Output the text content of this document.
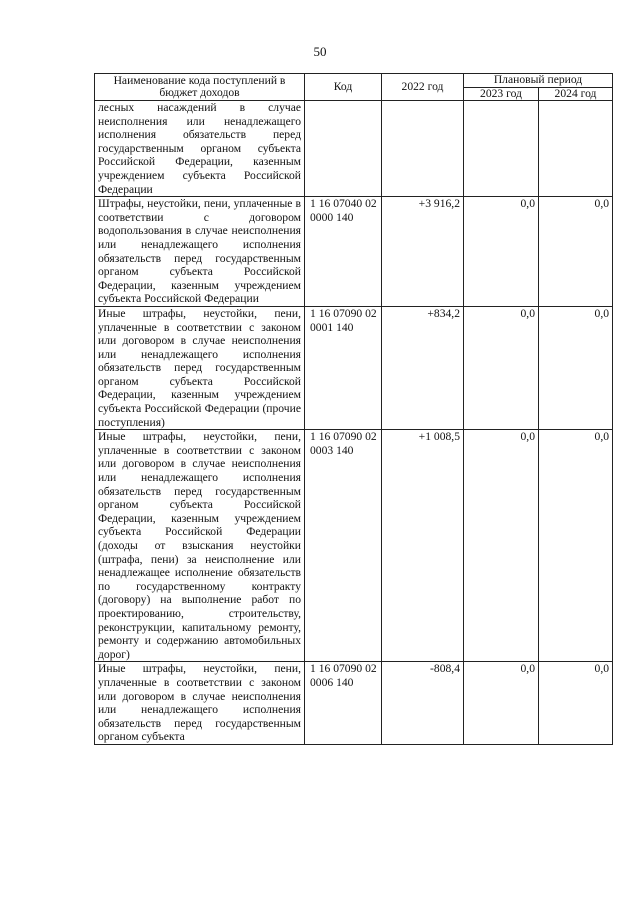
50
Наименование кода поступлений в бюджет доходов	Код	2022 год	Плановый период	
			2023 год	2024 год
лесных насаждений в случае неисполнения или ненадлежащего исполнения обязательств перед государственным органом субъекта Российской Федерации, казенным учреждением субъекта Российской Федерации				
Штрафы, неустойки, пени, уплаченные в соответствии с договором водопользования в случае неисполнения или ненадлежащего исполнения обязательств перед государственным органом субъекта Российской Федерации, казенным учреждением субъекта Российской Федерации	1 16 07040 02 0000 140	+3 916,2	0,0	0,0
Иные штрафы, неустойки, пени, уплаченные в соответствии с законом или договором в случае неисполнения или ненадлежащего исполнения обязательств перед государственным органом субъекта Российской Федерации, казенным учреждением субъекта Российской Федерации (прочие поступления)	1 16 07090 02 0001 140	+834,2	0,0	0,0
Иные штрафы, неустойки, пени, уплаченные в соответствии с законом или договором в случае неисполнения или ненадлежащего исполнения обязательств перед государственным органом субъекта Российской Федерации, казенным учреждением субъекта Российской Федерации (доходы от взыскания неустойки (штрафа, пени) за неисполнение или ненадлежащее исполнение обязательств по государственному контракту (договору) на выполнение работ по проектированию, строительству, реконструкции, капитальному ремонту, ремонту и содержанию автомобильных дорог)	1 16 07090 02 0003 140	+1 008,5	0,0	0,0
Иные штрафы, неустойки, пени, уплаченные в соответствии с законом или договором в случае неисполнения или ненадлежащего исполнения обязательств перед государственным органом субъекта	1 16 07090 02 0006 140	-808,4	0,0	0,0
